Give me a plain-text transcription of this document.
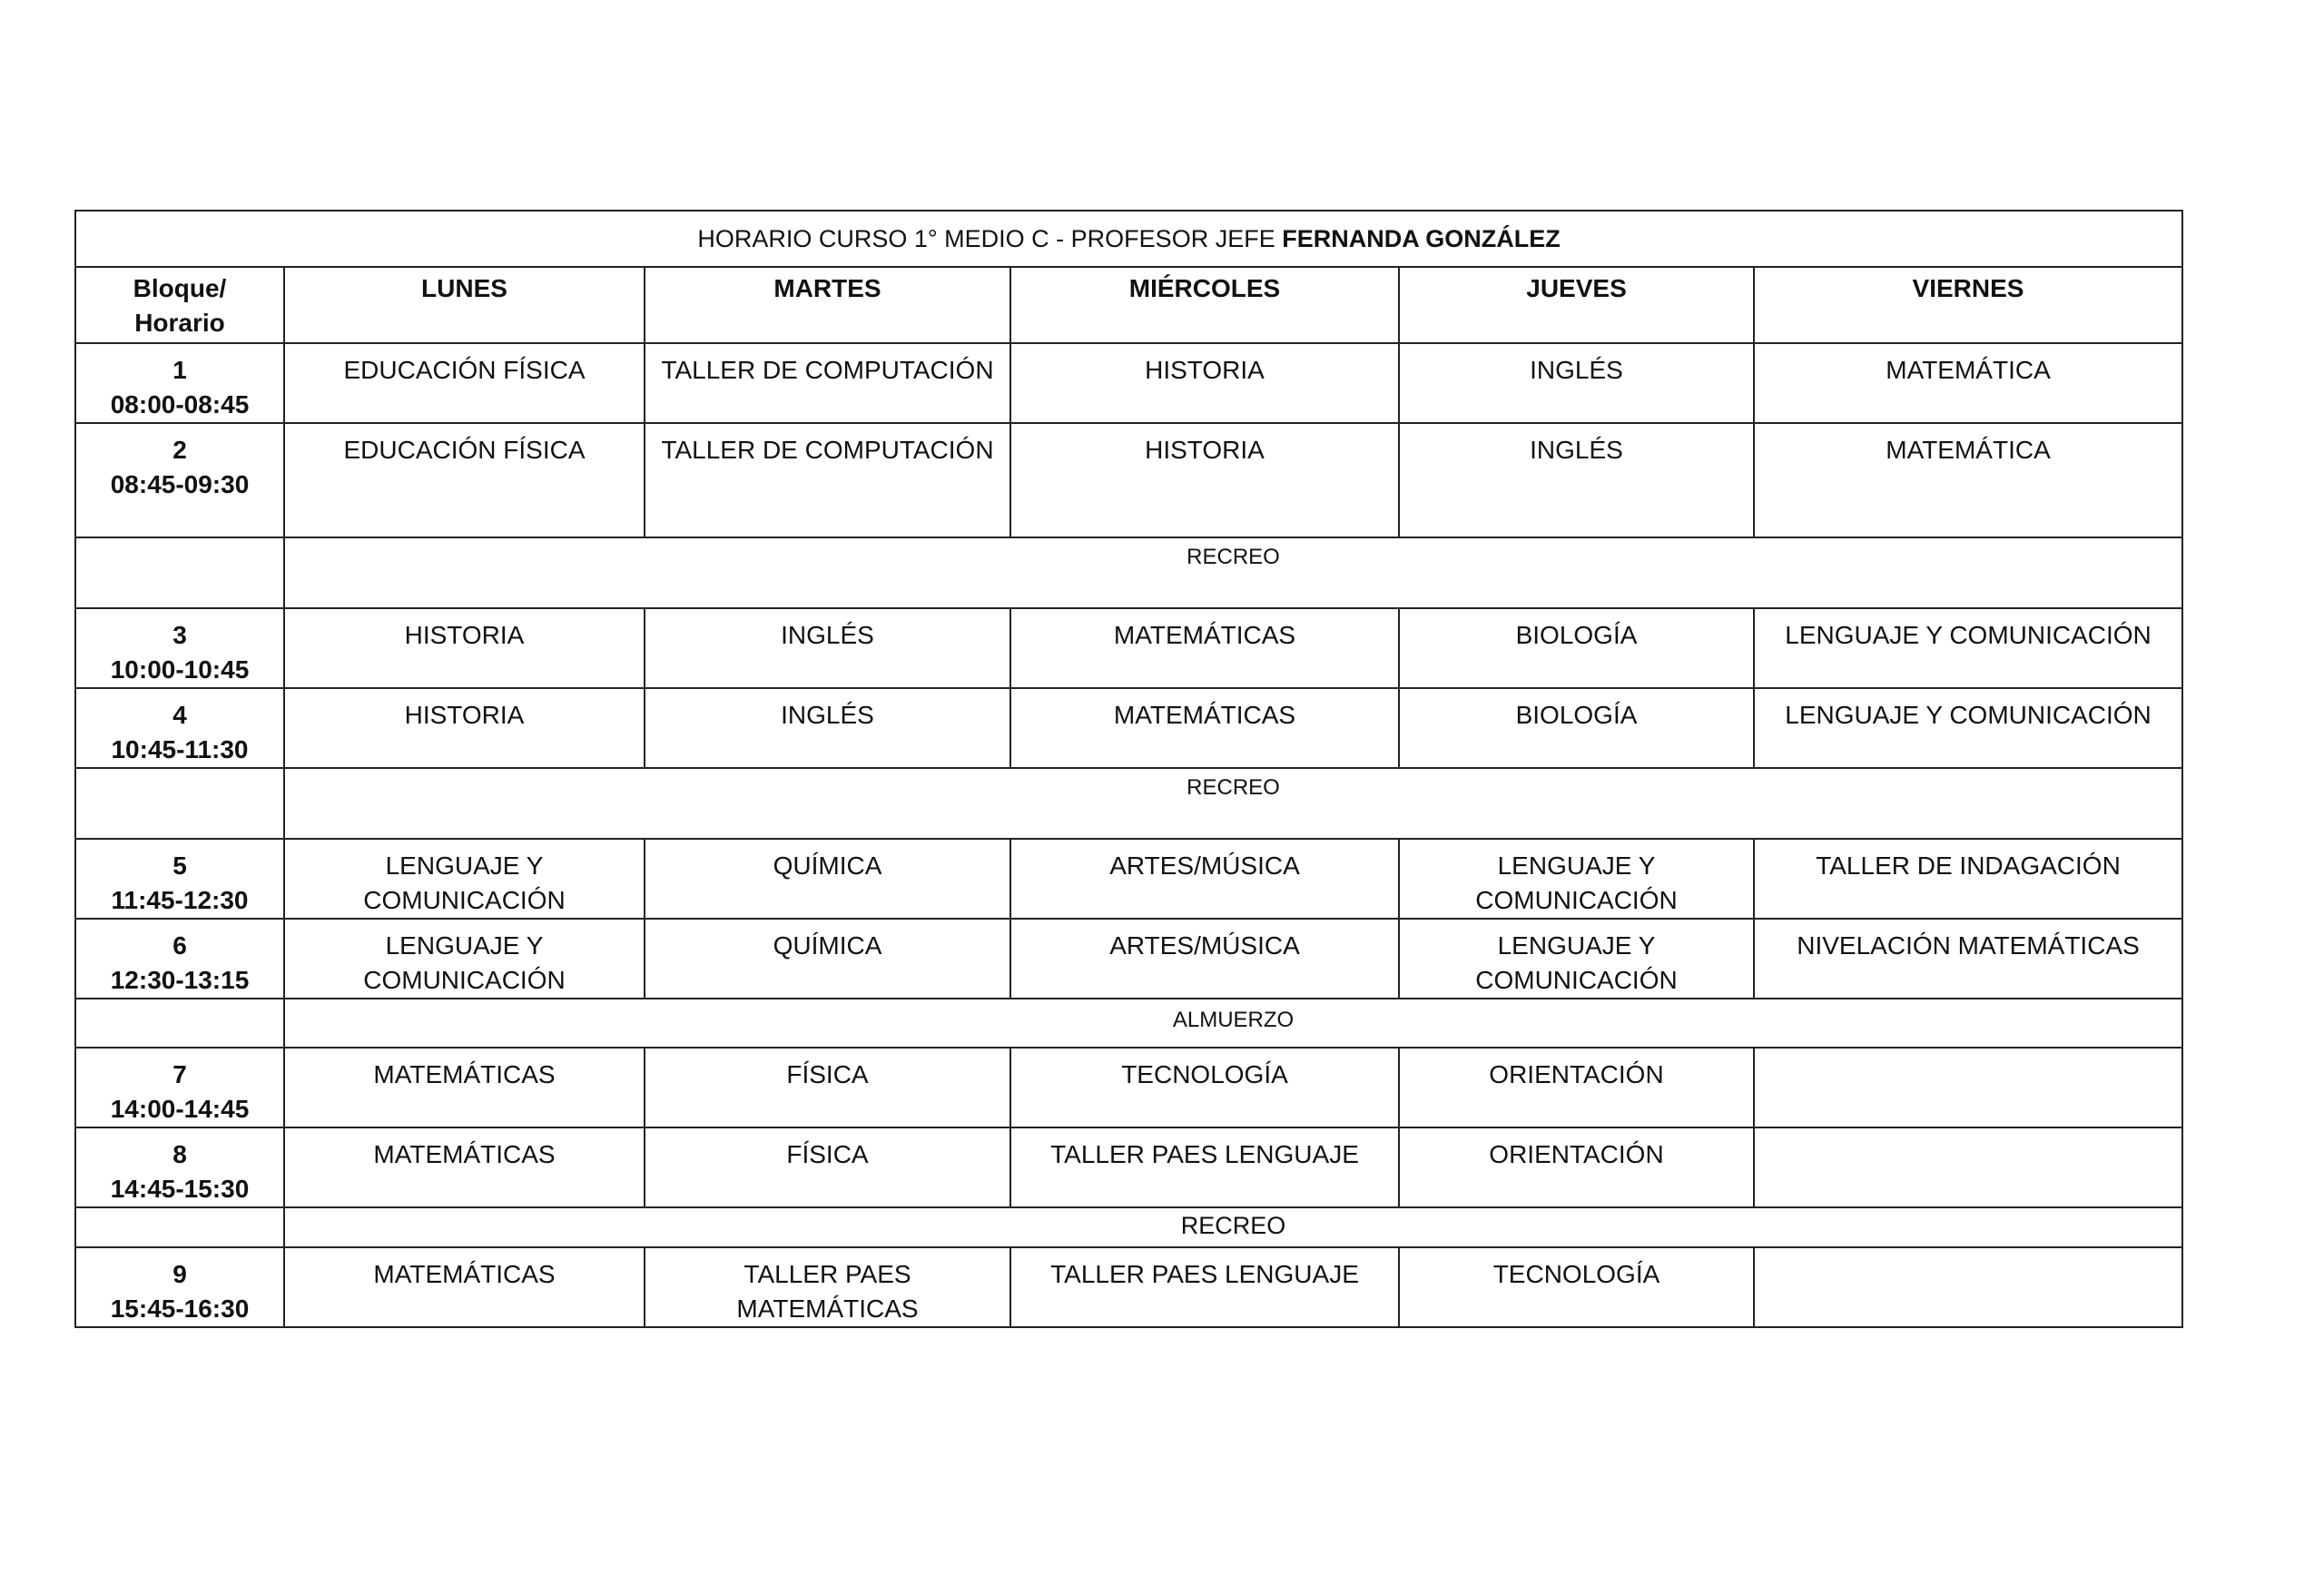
HORARIO CURSO 1° MEDIO C - PROFESOR JEFE FERNANDA GONZÁLEZ					

Bloque/
Horario	LUNES	MARTES	MIÉRCOLES	JUEVES	VIERNES

1
08:00-08:45	EDUCACIÓN FÍSICA	TALLER DE COMPUTACIÓN	HISTORIA	INGLÉS	MATEMÁTICA

2
08:45-09:30	EDUCACIÓN FÍSICA	TALLER DE COMPUTACIÓN	HISTORIA	INGLÉS	MATEMÁTICA

	RECREO				

3
10:00-10:45	HISTORIA	INGLÉS	MATEMÁTICAS	BIOLOGÍA	LENGUAJE Y COMUNICACIÓN

4
10:45-11:30	HISTORIA	INGLÉS	MATEMÁTICAS	BIOLOGÍA	LENGUAJE Y COMUNICACIÓN

	RECREO				

5
11:45-12:30	LENGUAJE Y
COMUNICACIÓN	QUÍMICA	ARTES/MÚSICA	LENGUAJE Y
COMUNICACIÓN	TALLER DE INDAGACIÓN

6
12:30-13:15	LENGUAJE Y
COMUNICACIÓN	QUÍMICA	ARTES/MÚSICA	LENGUAJE Y
COMUNICACIÓN	NIVELACIÓN MATEMÁTICAS

	ALMUERZO				

7
14:00-14:45	MATEMÁTICAS	FÍSICA	TECNOLOGÍA	ORIENTACIÓN	

8
14:45-15:30	MATEMÁTICAS	FÍSICA	TALLER PAES LENGUAJE	ORIENTACIÓN	

	RECREO				

9
15:45-16:30	MATEMÁTICAS	TALLER PAES MATEMÁTICAS	TALLER PAES LENGUAJE	TECNOLOGÍA	
